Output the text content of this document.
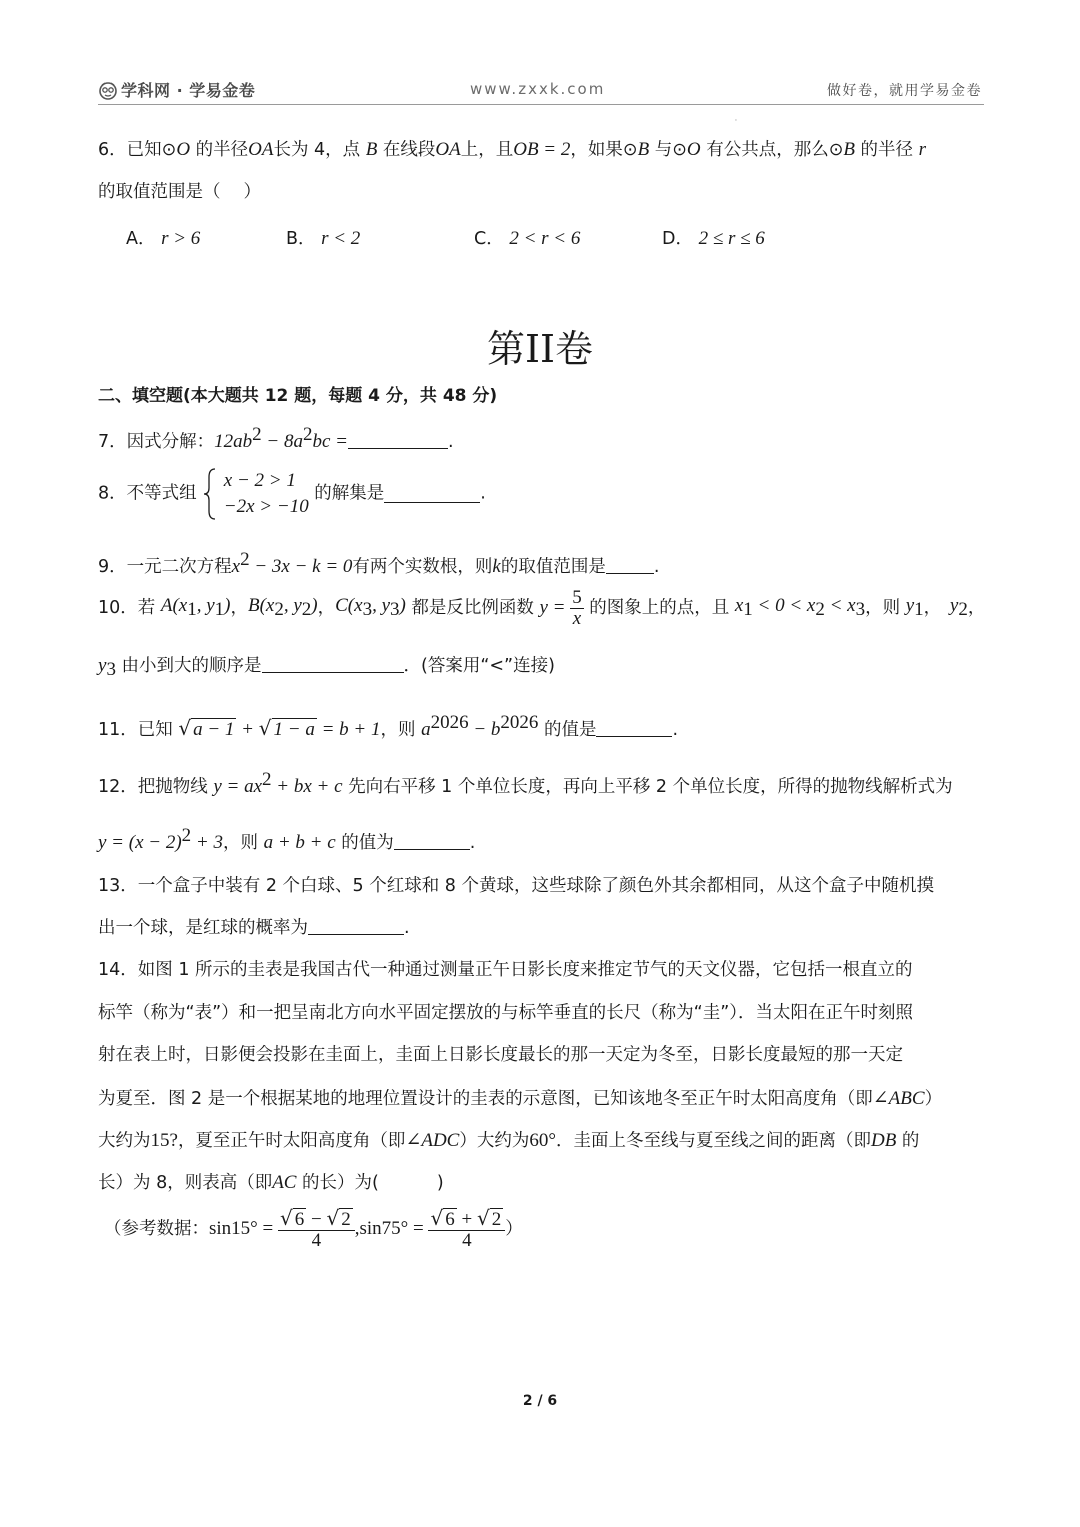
学科网 · 学易金卷	www.zxxk.com	做好卷，就用学易金卷
'
6．已知⊙O 的半径OA长为 4，点 B 在线段OA上，且OB = 2，如果⊙B 与⊙O 有公共点，那么⊙B 的半径 r
的取值范围是（　 ）
A． r > 6	B． r < 2	C． 2 < r < 6	D． 2 ≤ r ≤ 6
第II卷
二、填空题(本大题共 12 题，每题 4 分，共 48 分)
7．因式分解：$12ab^2 - 8a^2bc$ =	.
8．不等式组
x − 2 > 1
−2x > −10
的解集是	.
9．一元二次方程$x^2 - 3x - k = 0$有两个实数根，则k的取值范围是	.
10．若 $A(x_1$, $y_1$)，$B(x_2$, $y_2$)，$C(x_3$, $y_3$) 都是反比例函数 $y = \frac{5}{x}$ 的图象上的点，且 $x_1 < 0 < x_2 < x_3$，则 $y_1$，　$y_2$，
$y_3$ 由小到大的顺序是	．(答案用“<”连接)
11．已知 √ a − 1 + √ 1 − a = b + 1，则 $a^{2026} - b^{2026}$ 的值是	.
12．把抛物线 $y = ax^2$ + bx + c 先向右平移 1 个单位长度，再向上平移 2 个单位长度，所得的抛物线解析式为
$y = (x - 2)^2 + 3$，则 a + b + c 的值为	.
13．一个盒子中装有 2 个白球、5 个红球和 8 个黄球，这些球除了颜色外其余都相同，从这个盒子中随机摸
出一个球，是红球的概率为	.
14．如图 1 所示的圭表是我国古代一种通过测量正午日影长度来推定节气的天文仪器，它包括一根直立的
标竿（称为“表”）和一把呈南北方向水平固定摆放的与标竿垂直的长尺（称为“圭”）．当太阳在正午时刻照
射在表上时，日影便会投影在圭面上，圭面上日影长度最长的那一天定为冬至，日影长度最短的那一天定
为夏至．图 2 是一个根据某地的地理位置设计的圭表的示意图，已知该地冬至正午时太阳高度角（即∠ABC）
大约为15?，夏至正午时太阳高度角（即∠ADC）大约为60°．圭面上冬至线与夏至线之间的距离（即DB 的
长）为 8，则表高（即AC 的长）为(　　　 )
（参考数据：$\sin 15^\circ = \frac{√ 6 - √ 2}{4} ,\sin 75^\circ = \frac{√ 6 + √ 2}{4}$ ）
2 / 6
